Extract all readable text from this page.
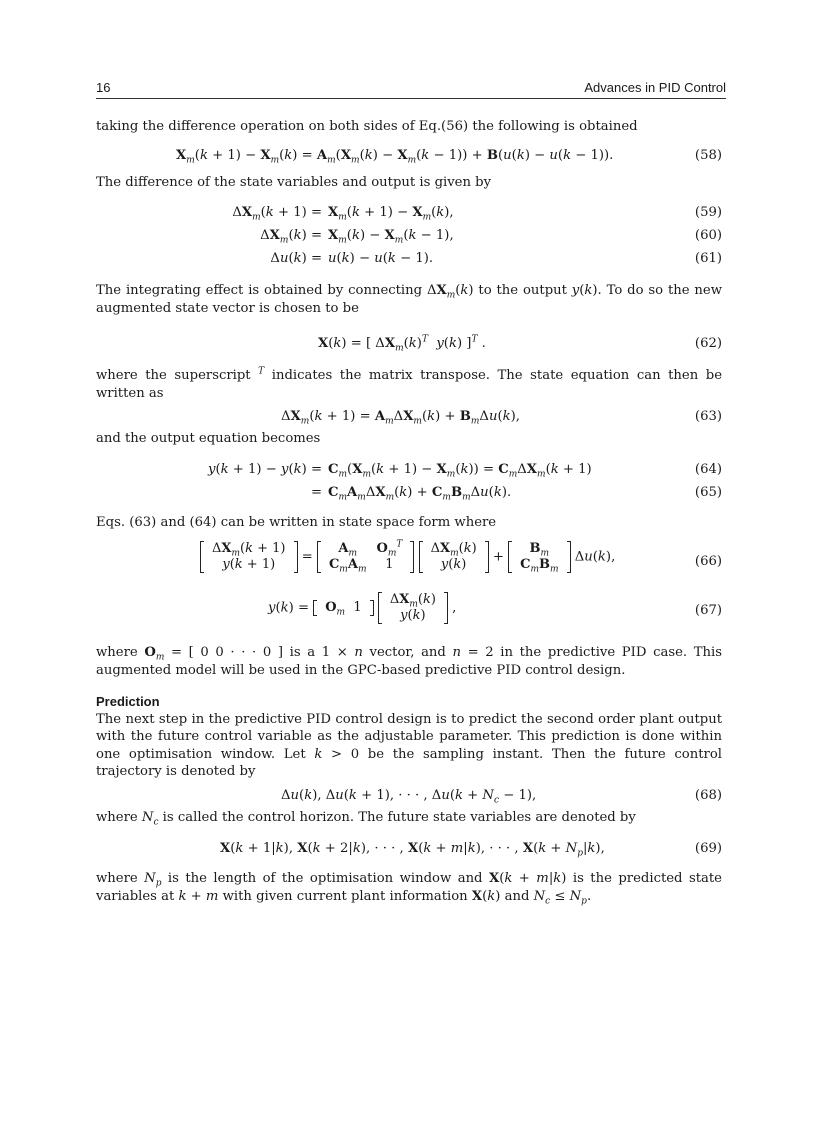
16	Advances in PID Control

taking the difference operation on both sides of Eq.(56) the following is obtained

$X_m(k + 1) - X_m(k) = A_m(X_m(k) - X_m(k - 1)) + B(u(k) - u(k - 1))$.	(58)

The difference of the state variables and output is given by

$\Delta X_m(k + 1) = X_m(k + 1) - X_m(k)$,	(59)
$\Delta X_m(k) = X_m(k) - X_m(k - 1)$,	(60)
Δu(k) = u(k) − u(k − 1).	(61)

The integrating effect is obtained by connecting $\Delta X_m(k)$ to the output y(k). To do so the new augmented state vector is chosen to be

X(k) = [ $\Delta X_m(k)^T$ y(k) ]$^T$ .	(62)

where the superscript $^T$ indicates the matrix transpose. The state equation can then be written as

$\Delta X_m(k + 1) = A_m\Delta X_m(k) + B_m\Delta u(k)$,	(63)

and the output equation becomes

$y(k + 1) - y(k) = C_m(X_m(k + 1) - X_m(k)) = C_m\Delta X_m(k + 1)$	(64)
= $C_mA_m\Delta X_m(k) + C_mB_m\Delta u(k)$.	(65)

Eqs. (63) and (64) can be written in state space form where

$\Delta X_m(k + 1)$
y(k + 1) =
$A_m$	$O_m^T$
$C_mA_m$	1

$\Delta X_m(k)$
y(k) +
$B_m$
$C_mB_m$
Δu(k),	(66)
$y(k) = O_m$  1

$\Delta X_m(k)$
y(k) ,	(67)

where $O_m$ = [ 0 0 · · · 0 ] is a 1 × n vector, and n = 2 in the predictive PID case. This augmented model will be used in the GPC-based predictive PID control design.

Prediction

The next step in the predictive PID control design is to predict the second order plant output with the future control variable as the adjustable parameter. This prediction is done within one optimisation window. Let k > 0 be the sampling instant. Then the future control trajectory is denoted by

Δu(k), Δu(k + 1), · · · , $\Delta u(k + N_c - 1)$,	(68)

where $N_c$ is called the control horizon. The future state variables are denoted by

X(k + 1|k), X(k + 2|k), · · · , X(k + m|k), · · · , $X(k + N_p|k)$,	(69)

where $N_p$ is the length of the optimisation window and X(k + m|k) is the predicted state variables at k + m with given current plant information X(k) and $N_c \le N_p$.
